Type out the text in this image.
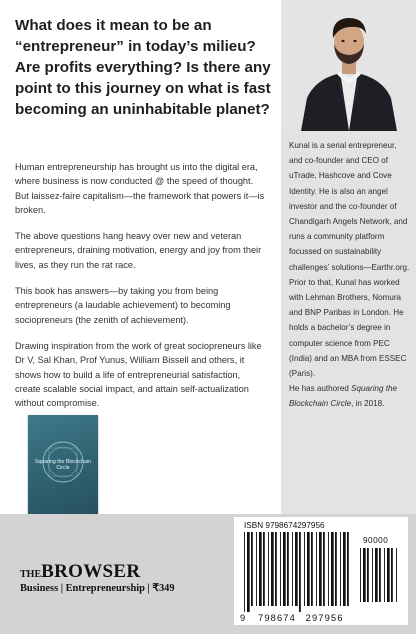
What does it mean to be an “entrepreneur” in today’s milieu? Are profits everything? Is there any point to this journey on what is fast becoming an uninhabitable planet?

Human entrepreneurship has brought us into the digital era, where business is now conducted @ the speed of thought. But laissez-faire capitalism—the framework that powers it—is broken.

The above questions hang heavy over new and veteran entrepreneurs, draining motivation, energy and joy from their lives, as they run the rat race.

This book has answers—by taking you from being entrepreneurs (a laudable achievement) to becoming sociopreneurs (the zenith of achievement).

Drawing inspiration from the work of great sociopreneurs like Dr V, Sal Khan, Prof Yunus, William Bissell and others, it shows how to build a life of entrepreneurial satisfaction, create scalable social impact, and attain self-actualization without compromise.

Kunal is a serial entrepreneur, and co-founder and CEO of uTrade, Hashcove and Cove Identity. He is also an angel investor and the co-founder of Chandigarh Angels Network, and runs a community platform focussed on sustainability challenges’ solutions—Earthr.org.

Prior to that, Kunal has worked with Lehman Brothers, Nomura and BNP Paribas in London. He holds a bachelor’s degree in computer science from PEC (India) and an MBA from ESSEC (Paris).

He has authored Squaring the Blockchain Circle, in 2018.

Squaring the Blockchain Circle
THEBROWSER
Business | Entrepreneurship | ₹349
ISBN 9798674297956
90000
9 798674 297956
